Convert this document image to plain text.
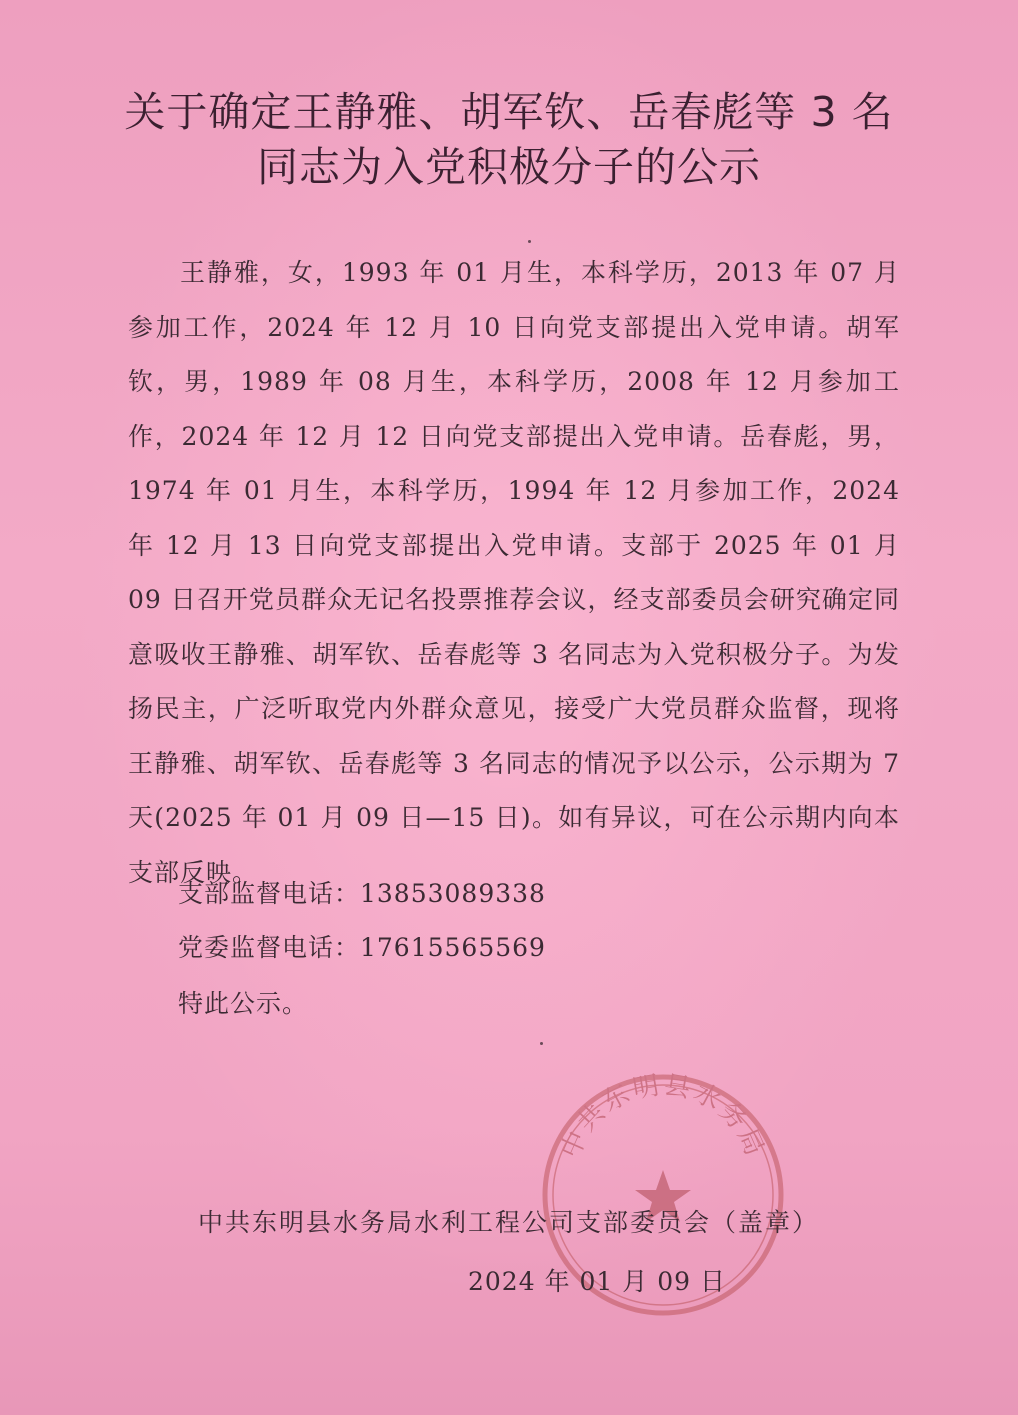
关于确定王静雅、胡军钦、岳春彪等 3 名
同志为入党积极分子的公示

王静雅，女，1993 年 01 月生，本科学历，2013 年 07 月参加工作，2024 年 12 月 10 日向党支部提出入党申请。胡军钦，男，1989 年 08 月生，本科学历，2008 年 12 月参加工作，2024 年 12 月 12 日向党支部提出入党申请。岳春彪，男，1974 年 01 月生，本科学历，1994 年 12 月参加工作，2024 年 12 月 13 日向党支部提出入党申请。支部于 2025 年 01 月 09 日召开党员群众无记名投票推荐会议，经支部委员会研究确定同意吸收王静雅、胡军钦、岳春彪等 3 名同志为入党积极分子。为发扬民主，广泛听取党内外群众意见，接受广大党员群众监督，现将王静雅、胡军钦、岳春彪等 3 名同志的情况予以公示，公示期为 7 天(2025 年 01 月 09 日—15 日)。如有异议，可在公示期内向本支部反映。

支部监督电话：13853089338
党委监督电话：17615565569
特此公示。
中共东明县水务局
中共东明县水务局水利工程公司支部委员会（盖章）
2024 年 01 月 09 日
